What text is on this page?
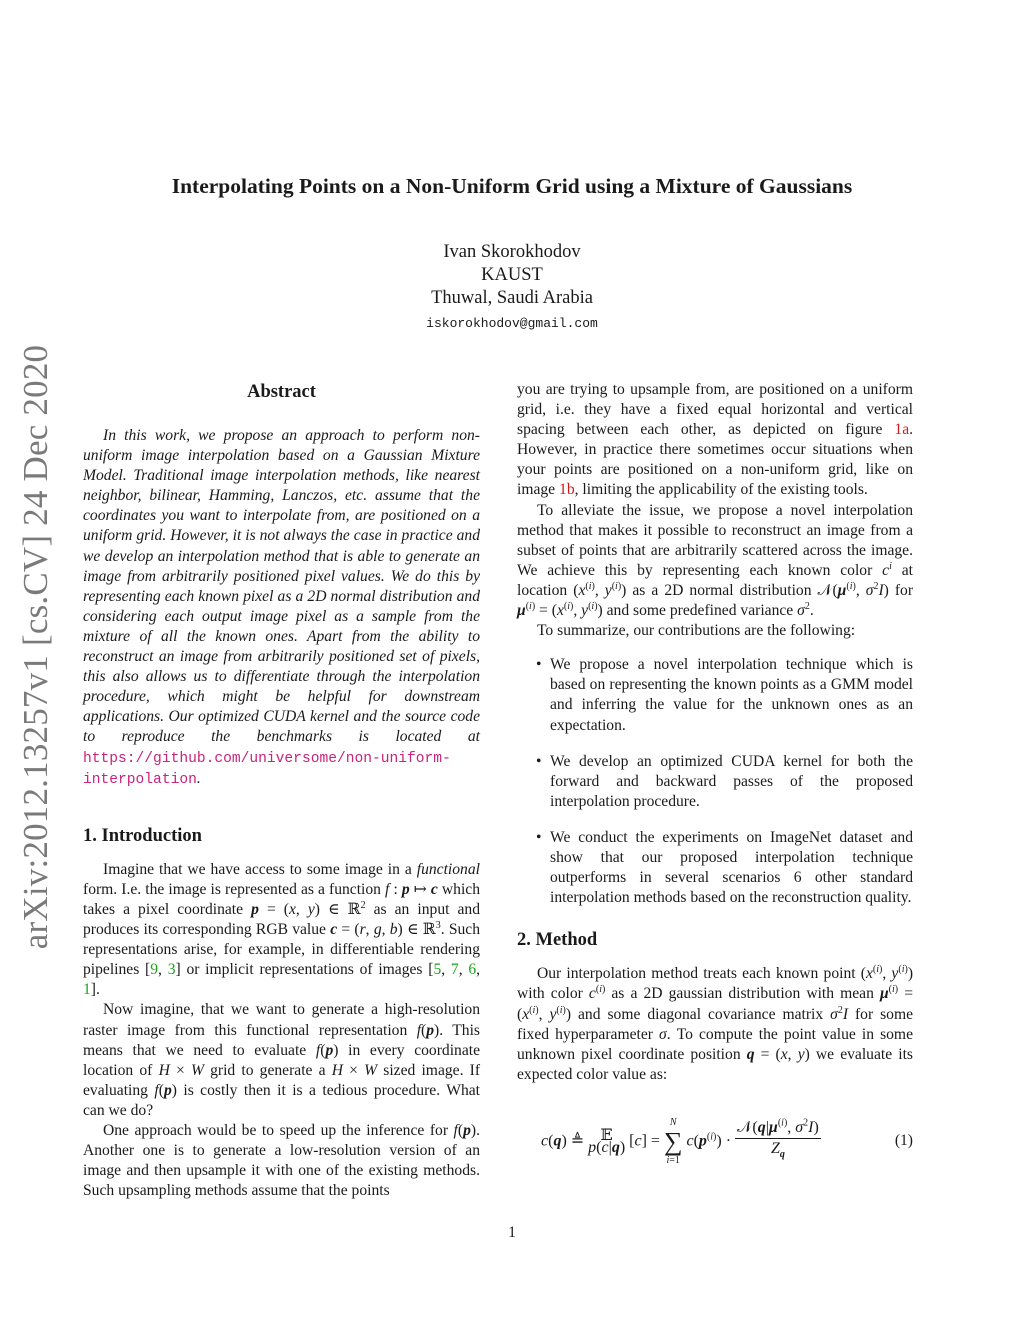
arXiv:2012.13257v1 [cs.CV] 24 Dec 2020
Interpolating Points on a Non-Uniform Grid using a Mixture of Gaussians
Ivan Skorokhodov
KAUST
Thuwal, Saudi Arabia
iskorokhodov@gmail.com
Abstract

In this work, we propose an approach to perform non-uniform image interpolation based on a Gaussian Mixture Model. Traditional image interpolation methods, like nearest neighbor, bilinear, Hamming, Lanczos, etc. assume that the coordinates you want to interpolate from, are positioned on a uniform grid. However, it is not always the case in practice and we develop an interpolation method that is able to generate an image from arbitrarily positioned pixel values. We do this by representing each known pixel as a 2D normal distribution and considering each output image pixel as a sample from the mixture of all the known ones. Apart from the ability to reconstruct an image from arbitrarily positioned set of pixels, this also allows us to differentiate through the interpolation procedure, which might be helpful for downstream applications. Our optimized CUDA kernel and the source code to reproduce the benchmarks is located at https://github.com/universome/non-uniform-interpolation.

1. Introduction

Imagine that we have access to some image in a functional form. I.e. the image is represented as a function f : p ↦ c which takes a pixel coordinate p = (x, y) ∈ ℝ$^2$ as an input and produces its corresponding RGB value c = (r, g, b) ∈ ℝ$^3$. Such representations arise, for example, in differentiable rendering pipelines [9, 3] or implicit representations of images [5, 7, 6, 1].

Now imagine, that we want to generate a high-resolution raster image from this functional representation f(p). This means that we need to evaluate f(p) in every coordinate location of H × W grid to generate a H × W sized image. If evaluating f(p) is costly then it is a tedious procedure. What can we do?

One approach would be to speed up the inference for f(p). Another one is to generate a low-resolution version of an image and then upsample it with one of the existing methods. Such upsampling methods assume that the points

you are trying to upsample from, are positioned on a uniform grid, i.e. they have a fixed equal horizontal and vertical spacing between each other, as depicted on figure 1a. However, in practice there sometimes occur situations when your points are positioned on a non-uniform grid, like on image 1b, limiting the applicability of the existing tools.

To alleviate the issue, we propose a novel interpolation method that makes it possible to reconstruct an image from a subset of points that are arbitrarily scattered across the image. We achieve this by representing each known color $c^i$ at location ($x^{(i)}$, $y^{(i)}$) as a 2D normal distribution $𝒩(\mu^{(i)}$, $\sigma^2I$) for $\mu^{(i)} = (x^{(i)}$, $y^{(i)}$) and some predefined variance $\sigma^2$.

To summarize, our contributions are the following:

• We propose a novel interpolation technique which is based on representing the known points as a GMM model and inferring the value for the unknown ones as an expectation.
• We develop an optimized CUDA kernel for both the forward and backward passes of the proposed interpolation procedure.
• We conduct the experiments on ImageNet dataset and show that our proposed interpolation technique outperforms in several scenarios 6 other standard interpolation methods based on the reconstruction quality.
2. Method

Our interpolation method treats each known point ($x^{(i)}$, $y^{(i)}$) with color $c^{(i)}$ as a 2D gaussian distribution with mean $\mu^{(i)} = (x^{(i)}$, $y^{(i)}$) and some diagonal covariance matrix $\sigma^2I$ for some fixed hyperparameter σ. To compute the point value in some unknown pixel coordinate position q = (x, y) we evaluate its expected color value as:

c(q) ≜ 𝔼
p(c|q) [c] =
N
∑
i=1
$c(p^{(i)}) \cdot \frac{𝒩(q|\mu^{(i)}, \sigma^2I)}{Z_q}$	(1)
1
